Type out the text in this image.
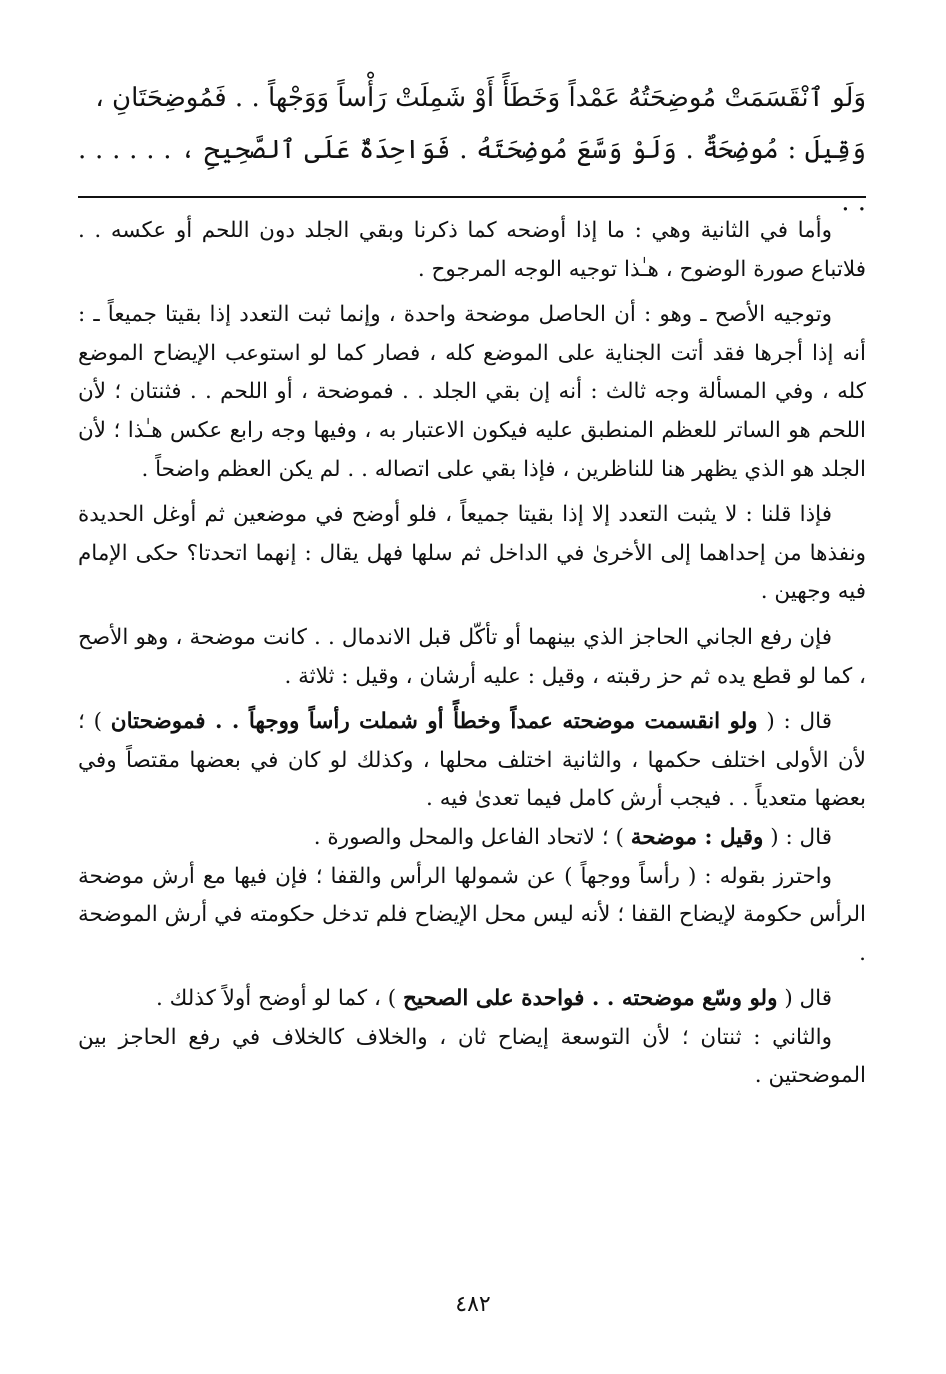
وَلَو ٱنْقَسَمَتْ مُوضِحَتُهُ عَمْداً وَخَطَأً أَوْ شَمِلَتْ رَأْساً وَوَجْهاً . . فَمُوضِحَتَانِ ،

وَقِيلَ : مُوضِحَةٌ . وَلَوْ وَسَّعَ مُوضِحَتَهُ . فَوَاحِدَةٌ عَلَى ٱلصَّحِيحِ ، . . . . . . . .

وأما في الثانية وهي : ما إذا أوضحه كما ذكرنا وبقي الجلد دون اللحم أو عكسه . . فلاتباع صورة الوضوح ، هـٰذا توجيه الوجه المرجوح .

وتوجيه الأصح ـ وهو : أن الحاصل موضحة واحدة ، وإنما ثبت التعدد إذا بقيتا جميعاً ـ : أنه إذا أجرها فقد أتت الجناية على الموضع كله ، فصار كما لو استوعب الإيضاح الموضع كله ، وفي المسألة وجه ثالث : أنه إن بقي الجلد . . فموضحة ، أو اللحم . . فثنتان ؛ لأن اللحم هو الساتر للعظم المنطبق عليه فيكون الاعتبار به ، وفيها وجه رابع عكس هـٰذا ؛ لأن الجلد هو الذي يظهر هنا للناظرين ، فإذا بقي على اتصاله . . لم يكن العظم واضحاً .

فإذا قلنا : لا يثبت التعدد إلا إذا بقيتا جميعاً ، فلو أوضح في موضعين ثم أوغل الحديدة ونفذها من إحداهما إلى الأخرىٰ في الداخل ثم سلها فهل يقال : إنهما اتحدتا؟ حكى الإمام فيه وجهين .

فإن رفع الجاني الحاجز الذي بينهما أو تأكّل قبل الاندمال . . كانت موضحة ، وهو الأصح ، كما لو قطع يده ثم حز رقبته ، وقيل : عليه أرشان ، وقيل : ثلاثة .

قال : ( ولو انقسمت موضحته عمداً وخطأً أو شملت رأساً ووجهاً . . فموضحتان ) ؛ لأن الأولى اختلف حكمها ، والثانية اختلف محلها ، وكذلك لو كان في بعضها مقتصاً وفي بعضها متعدياً . . فيجب أرش كامل فيما تعدىٰ فيه .

قال : ( وقيل : موضحة ) ؛ لاتحاد الفاعل والمحل والصورة .

واحترز بقوله : ( رأساً ووجهاً ) عن شمولها الرأس والقفا ؛ فإن فيها مع أرش موضحة الرأس حكومة لإيضاح القفا ؛ لأنه ليس محل الإيضاح فلم تدخل حكومته في أرش الموضحة .

قال ( ولو وسّع موضحته . . فواحدة على الصحيح ) ، كما لو أوضح أولاً كذلك .

والثاني : ثنتان ؛ لأن التوسعة إيضاح ثان ، والخلاف كالخلاف في رفع الحاجز بين الموضحتين .

٤٨٢
